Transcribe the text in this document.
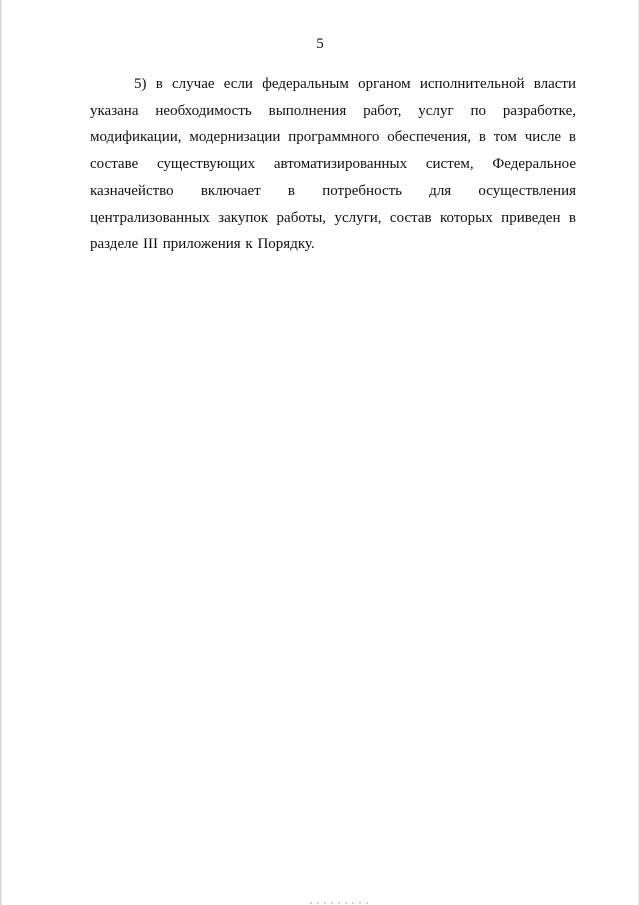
5

5) в случае если федеральным органом исполнительной власти указана необходимость выполнения работ, услуг по разработке, модификации, модернизации программного обеспечения, в том числе в составе существующих автоматизированных систем, Федеральное казначейство включает в потребность для осуществления централизованных закупок работы, услуги, состав которых приведен в разделе III приложения к Порядку.
